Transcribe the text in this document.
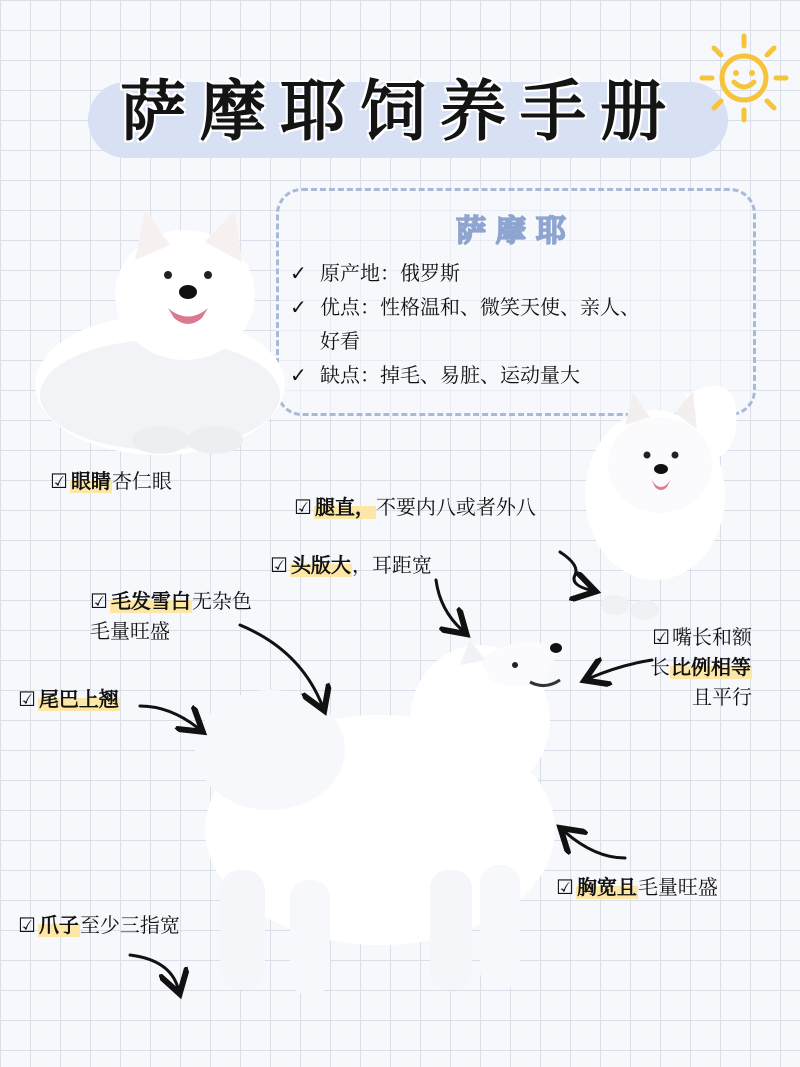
萨摩耶饲养手册
萨摩耶
✓ 原产地：俄罗斯
✓ 优点：性格温和、微笑天使、亲人、
好看
✓ 缺点：掉毛、易脏、运动量大
☑ 眼睛杏仁眼
☑ 腿直，不要内八或者外八
☑ 头版大，耳距宽
☑ 毛发雪白无杂色
毛量旺盛
☑ 尾巴上翘
☑ 嘴长和额
长比例相等
且平行
☑ 胸宽且毛量旺盛
☑ 爪子至少三指宽
